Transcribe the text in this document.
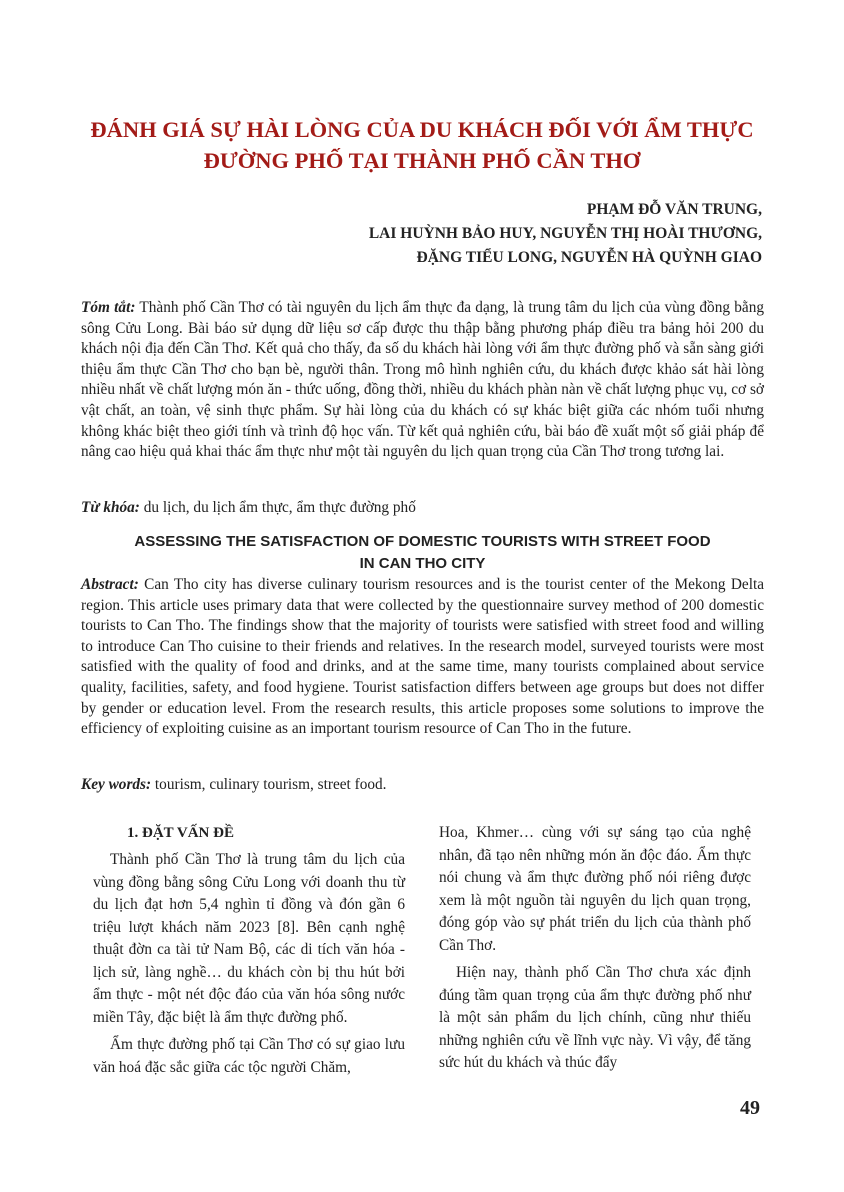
ĐÁNH GIÁ SỰ HÀI LÒNG CỦA DU KHÁCH ĐỐI VỚI ẨM THỰC
ĐƯỜNG PHỐ TẠI THÀNH PHỐ CẦN THƠ
PHẠM ĐỖ VĂN TRUNG,
LAI HUỲNH BẢO HUY, NGUYỄN THỊ HOÀI THƯƠNG,
ĐẶNG TIỂU LONG, NGUYỄN HÀ QUỲNH GIAO
Tóm tắt: Thành phố Cần Thơ có tài nguyên du lịch ẩm thực đa dạng, là trung tâm du lịch của vùng đồng bằng sông Cửu Long. Bài báo sử dụng dữ liệu sơ cấp được thu thập bằng phương pháp điều tra bảng hỏi 200 du khách nội địa đến Cần Thơ. Kết quả cho thấy, đa số du khách hài lòng với ẩm thực đường phố và sẵn sàng giới thiệu ẩm thực Cần Thơ cho bạn bè, người thân. Trong mô hình nghiên cứu, du khách được khảo sát hài lòng nhiều nhất về chất lượng món ăn - thức uống, đồng thời, nhiều du khách phàn nàn về chất lượng phục vụ, cơ sở vật chất, an toàn, vệ sinh thực phẩm. Sự hài lòng của du khách có sự khác biệt giữa các nhóm tuổi nhưng không khác biệt theo giới tính và trình độ học vấn. Từ kết quả nghiên cứu, bài báo đề xuất một số giải pháp để nâng cao hiệu quả khai thác ẩm thực như một tài nguyên du lịch quan trọng của Cần Thơ trong tương lai.
Từ khóa: du lịch, du lịch ẩm thực, ẩm thực đường phố
ASSESSING THE SATISFACTION OF DOMESTIC TOURISTS WITH STREET FOOD
IN CAN THO CITY
Abstract: Can Tho city has diverse culinary tourism resources and is the tourist center of the Mekong Delta region. This article uses primary data that were collected by the questionnaire survey method of 200 domestic tourists to Can Tho. The findings show that the majority of tourists were satisfied with street food and willing to introduce Can Tho cuisine to their friends and relatives. In the research model, surveyed tourists were most satisfied with the quality of food and drinks, and at the same time, many tourists complained about service quality, facilities, safety, and food hygiene. Tourist satisfaction differs between age groups but does not differ by gender or education level. From the research results, this article proposes some solutions to improve the efficiency of exploiting cuisine as an important tourism resource of Can Tho in the future.
Key words: tourism, culinary tourism, street food.

1. ĐẶT VẤN ĐỀ

Thành phố Cần Thơ là trung tâm du lịch của vùng đồng bằng sông Cửu Long với doanh thu từ du lịch đạt hơn 5,4 nghìn tỉ đồng và đón gần 6 triệu lượt khách năm 2023 [8]. Bên cạnh nghệ thuật đờn ca tài tử Nam Bộ, các di tích văn hóa - lịch sử, làng nghề… du khách còn bị thu hút bởi ẩm thực - một nét độc đáo của văn hóa sông nước miền Tây, đặc biệt là ẩm thực đường phố.

Ẩm thực đường phố tại Cần Thơ có sự giao lưu văn hoá đặc sắc giữa các tộc người Chăm,

Hoa, Khmer… cùng với sự sáng tạo của nghệ nhân, đã tạo nên những món ăn độc đáo. Ẩm thực nói chung và ẩm thực đường phố nói riêng được xem là một nguồn tài nguyên du lịch quan trọng, đóng góp vào sự phát triển du lịch của thành phố Cần Thơ.

Hiện nay, thành phố Cần Thơ chưa xác định đúng tầm quan trọng của ẩm thực đường phố như là một sản phẩm du lịch chính, cũng như thiếu những nghiên cứu về lĩnh vực này. Vì vậy, để tăng sức hút du khách và thúc đẩy

49
